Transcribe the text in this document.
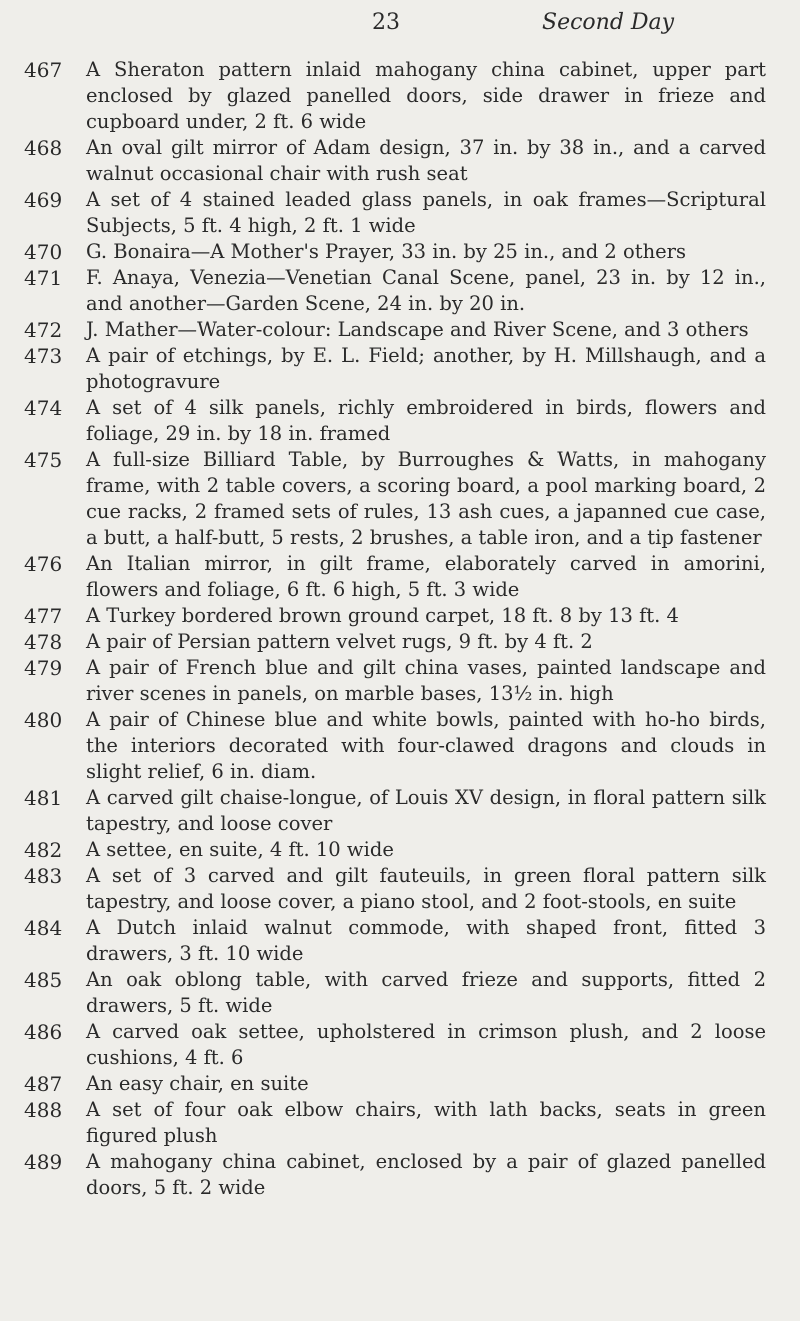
23	Second Day
467	A Sheraton pattern inlaid mahogany china cabinet, upper part enclosed by glazed panelled doors, side drawer in frieze and cupboard under, 2 ft. 6 wide
468	An oval gilt mirror of Adam design, 37 in. by 38 in., and a carved walnut occasional chair with rush seat
469	A set of 4 stained leaded glass panels, in oak frames—Scriptural Subjects, 5 ft. 4 high, 2 ft. 1 wide
470	G. Bonaira—A Mother's Prayer, 33 in. by 25 in., and 2 others
471	F. Anaya, Venezia—Venetian Canal Scene, panel, 23 in. by 12 in., and another—Garden Scene, 24 in. by 20 in.
472	J. Mather—Water-colour: Landscape and River Scene, and 3 others
473	A pair of etchings, by E. L. Field; another, by H. Millshaugh, and a photogravure
474	A set of 4 silk panels, richly embroidered in birds, flowers and foliage, 29 in. by 18 in. framed
475	A full-size Billiard Table, by Burroughes & Watts, in mahogany frame, with 2 table covers, a scoring board, a pool marking board, 2 cue racks, 2 framed sets of rules, 13 ash cues, a japanned cue case, a butt, a half-butt, 5 rests, 2 brushes, a table iron, and a tip fastener
476	An Italian mirror, in gilt frame, elaborately carved in amorini, flowers and foliage, 6 ft. 6 high, 5 ft. 3 wide
477	A Turkey bordered brown ground carpet, 18 ft. 8 by 13 ft. 4
478	A pair of Persian pattern velvet rugs, 9 ft. by 4 ft. 2
479	A pair of French blue and gilt china vases, painted landscape and river scenes in panels, on marble bases, 13½ in. high
480	A pair of Chinese blue and white bowls, painted with ho-ho birds, the interiors decorated with four-clawed dragons and clouds in slight relief, 6 in. diam.
481	A carved gilt chaise-longue, of Louis XV design, in floral pattern silk tapestry, and loose cover
482	A settee, en suite, 4 ft. 10 wide
483	A set of 3 carved and gilt fauteuils, in green floral pattern silk tapestry, and loose cover, a piano stool, and 2 foot-stools, en suite
484	A Dutch inlaid walnut commode, with shaped front, fitted 3 drawers, 3 ft. 10 wide
485	An oak oblong table, with carved frieze and supports, fitted 2 drawers, 5 ft. wide
486	A carved oak settee, upholstered in crimson plush, and 2 loose cushions, 4 ft. 6
487	An easy chair, en suite
488	A set of four oak elbow chairs, with lath backs, seats in green figured plush
489	A mahogany china cabinet, enclosed by a pair of glazed panelled doors, 5 ft. 2 wide
